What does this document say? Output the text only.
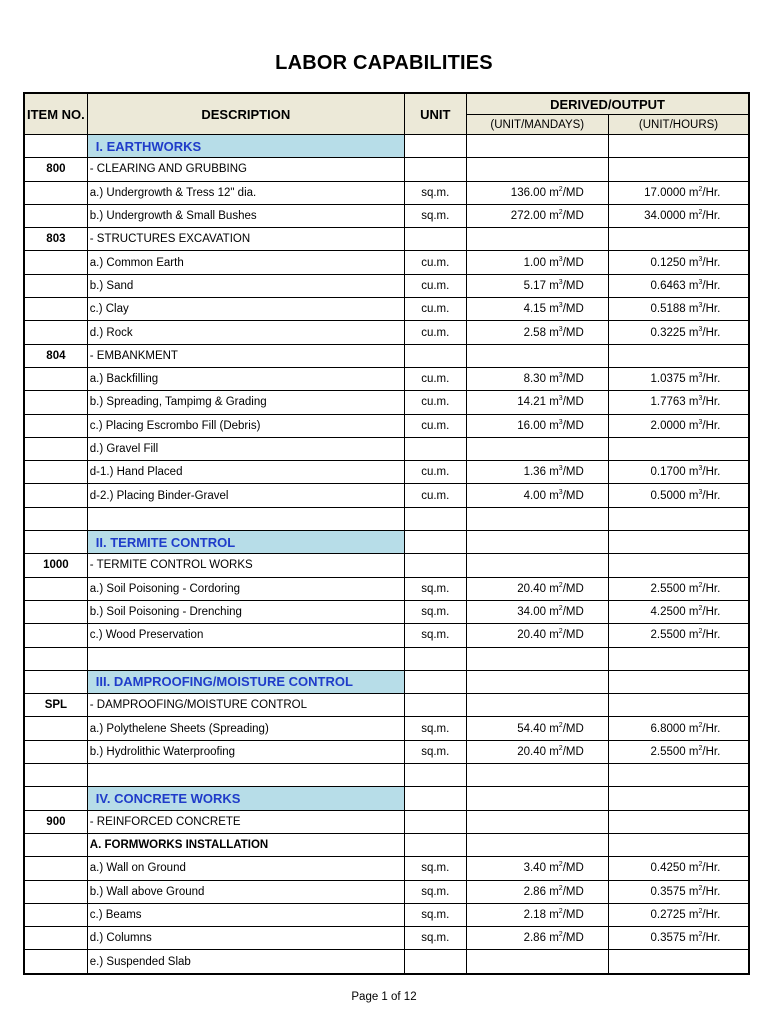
LABOR CAPABILITIES
ITEM NO.	DESCRIPTION	UNIT	DERIVED/OUTPUT	
			(UNIT/MANDAYS)	(UNIT/HOURS)
	I. EARTHWORKS			
800	- CLEARING AND GRUBBING			
	a.) Undergrowth & Tress 12" dia.	sq.m.	136.00 $m^2/MD$	17.0000 $m^2/Hr$.
	b.) Undergrowth & Small Bushes	sq.m.	272.00 $m^2/MD$	34.0000 $m^2/Hr$.
803	- STRUCTURES EXCAVATION			
	a.) Common Earth	cu.m.	1.00 $m^3/MD$	0.1250 $m^3/Hr$.
	b.) Sand	cu.m.	5.17 $m^3/MD$	0.6463 $m^3/Hr$.
	c.) Clay	cu.m.	4.15 $m^3/MD$	0.5188 $m^3/Hr$.
	d.) Rock	cu.m.	2.58 $m^3/MD$	0.3225 $m^3/Hr$.
804	- EMBANKMENT			
	a.) Backfilling	cu.m.	8.30 $m^3/MD$	1.0375 $m^3/Hr$.
	b.) Spreading, Tampimg & Grading	cu.m.	14.21 $m^3/MD$	1.7763 $m^3/Hr$.
	c.) Placing Escrombo Fill (Debris)	cu.m.	16.00 $m^3/MD$	2.0000 $m^3/Hr$.
	d.) Gravel Fill			
	d-1.) Hand Placed	cu.m.	1.36 $m^3/MD$	0.1700 $m^3/Hr$.
	d-2.) Placing Binder-Gravel	cu.m.	4.00 $m^3/MD$	0.5000 $m^3/Hr$.

	II. TERMITE CONTROL			
1000	- TERMITE CONTROL WORKS			
	a.) Soil Poisoning - Cordoring	sq.m.	20.40 $m^2/MD$	2.5500 $m^2/Hr$.
	b.) Soil Poisoning - Drenching	sq.m.	34.00 $m^2/MD$	4.2500 $m^2/Hr$.
	c.) Wood Preservation	sq.m.	20.40 $m^2/MD$	2.5500 $m^2/Hr$.

	III. DAMPROOFING/MOISTURE CONTROL			
SPL	- DAMPROOFING/MOISTURE CONTROL			
	a.) Polythelene Sheets (Spreading)	sq.m.	54.40 $m^2/MD$	6.8000 $m^2/Hr$.
	b.) Hydrolithic Waterproofing	sq.m.	20.40 $m^2/MD$	2.5500 $m^2/Hr$.

	IV. CONCRETE WORKS			
900	- REINFORCED CONCRETE			
	A. FORMWORKS INSTALLATION			
	a.) Wall on Ground	sq.m.	3.40 $m^2/MD$	0.4250 $m^2/Hr$.
	b.) Wall above Ground	sq.m.	2.86 $m^2/MD$	0.3575 $m^2/Hr$.
	c.) Beams	sq.m.	2.18 $m^2/MD$	0.2725 $m^2/Hr$.
	d.) Columns	sq.m.	2.86 $m^2/MD$	0.3575 $m^2/Hr$.
	e.) Suspended Slab			
Page 1 of 12
